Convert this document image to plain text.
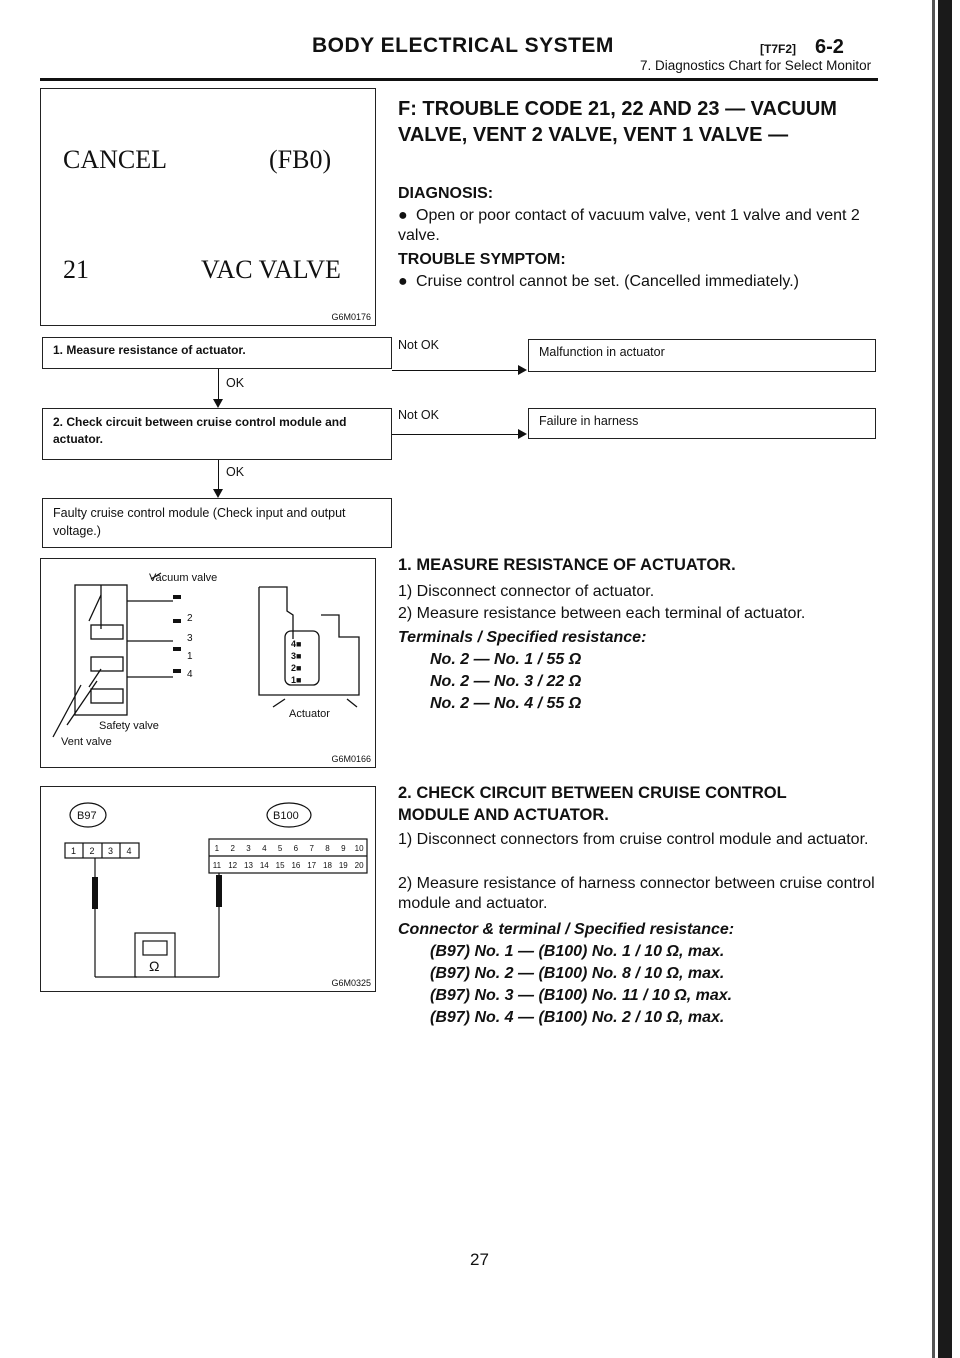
BODY ELECTRICAL SYSTEM	[T7F2] 6-2
7. Diagnostics Chart for Select Monitor
CANCEL	(FB0)
21	VAC VALVE
G6M0176
F: TROUBLE CODE 21, 22 AND 23 — VACUUM VALVE, VENT 2 VALVE, VENT 1 VALVE —
DIAGNOSIS:
● Open or poor contact of vacuum valve, vent 1 valve and vent 2 valve.
TROUBLE SYMPTOM:
● Cruise control cannot be set. (Cancelled immediately.)
1. Measure resistance of actuator.	Not OK	Malfunction in actuator
OK
2. Check circuit between cruise control module and actuator.
Not OK	Failure in harness
OK
Faulty cruise control module (Check input and output voltage.)
Vacuum valve
2
3
1
4
4■
3■
2■
1■
Actuator
Safety valve
Vent valve
G6M0166
B97	B100
Ω
1 2 3 4	1 2 3 4 5 6 7 8 9 10
11 12 13 14 15 16 17 18 19 20
G6M0325
1. MEASURE RESISTANCE OF ACTUATOR.
1) Disconnect connector of actuator.
2) Measure resistance between each terminal of actuator.
Terminals / Specified resistance:
No. 2 — No. 1 / 55 Ω
No. 2 — No. 3 / 22 Ω
No. 2 — No. 4 / 55 Ω
2. CHECK CIRCUIT BETWEEN CRUISE CONTROL
MODULE AND ACTUATOR.
1) Disconnect connectors from cruise control module and actuator.
2) Measure resistance of harness connector between cruise control module and actuator.
Connector & terminal / Specified resistance:
(B97) No. 1 — (B100) No. 1 / 10 Ω, max.
(B97) No. 2 — (B100) No. 8 / 10 Ω, max.
(B97) No. 3 — (B100) No. 11 / 10 Ω, max.
(B97) No. 4 — (B100) No. 2 / 10 Ω, max.
27
